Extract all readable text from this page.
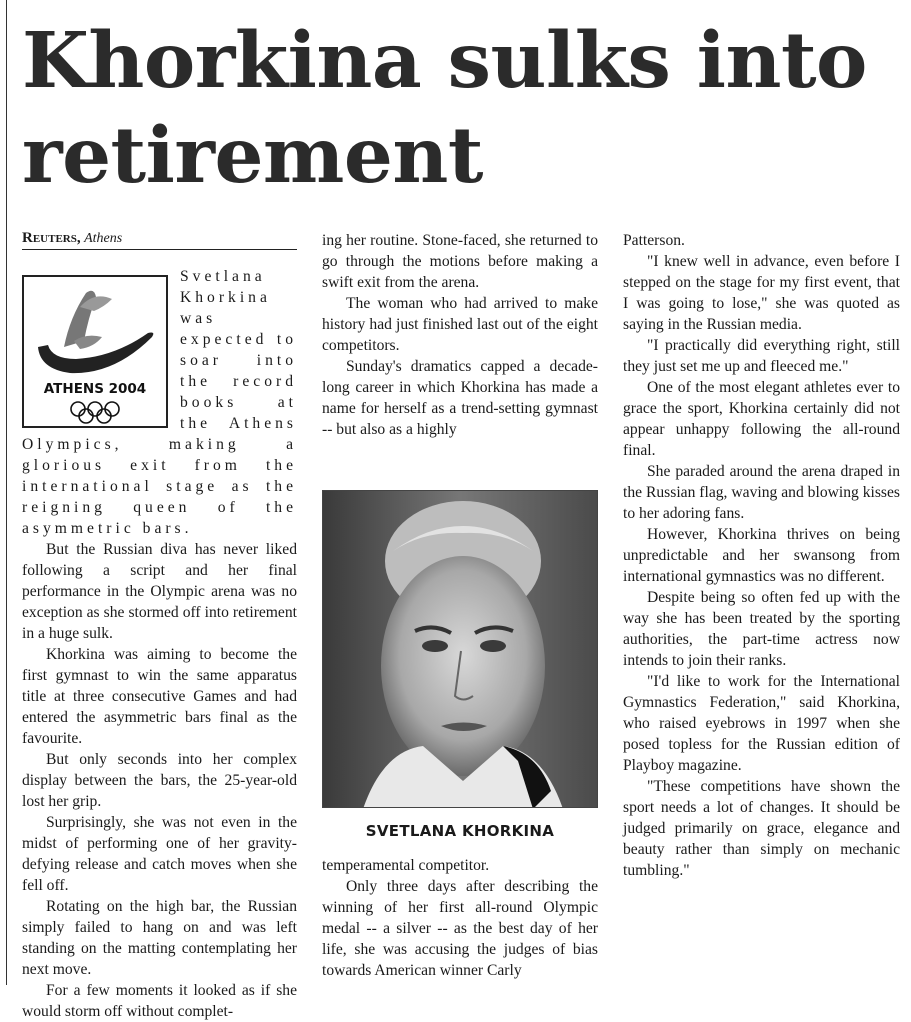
Khorkina sulks into retirement
Reuters, Athens
ATHENS 2004

Svetlana Khorkina was expected to soar into the record books at the Athens Olympics, making a glorious exit from the international stage as the reigning queen of the asymmetric bars.

But the Russian diva has never liked following a script and her final performance in the Olympic arena was no exception as she stormed off into retirement in a huge sulk.

Khorkina was aiming to become the first gymnast to win the same apparatus title at three consecutive Games and had entered the asymmetric bars final as the favourite.

But only seconds into her complex display between the bars, the 25-year-old lost her grip.

Surprisingly, she was not even in the midst of performing one of her gravity-defying release and catch moves when she fell off.

Rotating on the high bar, the Russian simply failed to hang on and was left standing on the matting contemplating her next move.

For a few moments it looked as if she would storm off without complet-

ing her routine. Stone-faced, she returned to go through the motions before making a swift exit from the arena.

The woman who had arrived to make history had just finished last out of the eight competitors.

Sunday's dramatics capped a decade-long career in which Khorkina has made a name for herself as a trend-setting gymnast -- but also as a highly

SVETLANA KHORKINA

temperamental competitor.

Only three days after describing the winning of her first all-round Olympic medal -- a silver -- as the best day of her life, she was accusing the judges of bias towards American winner Carly

Patterson.

"I knew well in advance, even before I stepped on the stage for my first event, that I was going to lose," she was quoted as saying in the Russian media.

"I practically did everything right, still they just set me up and fleeced me."

One of the most elegant athletes ever to grace the sport, Khorkina certainly did not appear unhappy following the all-round final.

She paraded around the arena draped in the Russian flag, waving and blowing kisses to her adoring fans.

However, Khorkina thrives on being unpredictable and her swansong from international gymnastics was no different.

Despite being so often fed up with the way she has been treated by the sporting authorities, the part-time actress now intends to join their ranks.

"I'd like to work for the International Gymnastics Federation," said Khorkina, who raised eyebrows in 1997 when she posed topless for the Russian edition of Playboy magazine.

"These competitions have shown the sport needs a lot of changes. It should be judged primarily on grace, elegance and beauty rather than simply on mechanic tumbling."
